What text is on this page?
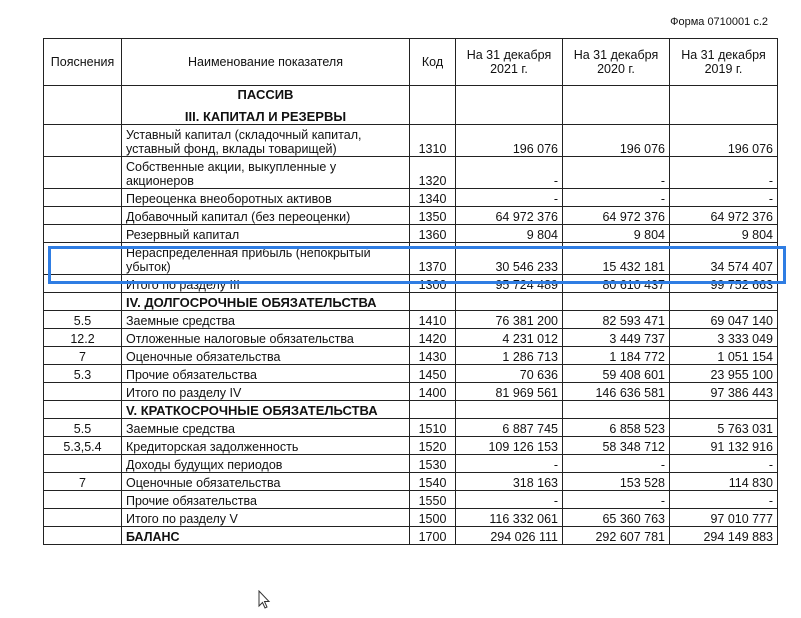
Форма 0710001 с.2
Пояснения	Наименование показателя	Код	На 31 декабря 2021 г.	На 31 декабря 2020 г.	На 31 декабря 2019 г.

	ПАССИВ
III. КАПИТАЛ И РЕЗЕРВЫ				

	Уставный капитал (складочный капитал, уставный фонд, вклады товарищей)	1310	196 076	196 076	196 076
	Собственные акции, выкупленные у акционеров	1320	-	-	-
	Переоценка внеоборотных активов	1340	-	-	-
	Добавочный капитал (без переоценки)	1350	64 972 376	64 972 376	64 972 376
	Резервный капитал	1360	9 804	9 804	9 804
	Нераспределенная прибыль (непокрытый убыток)	1370	30 546 233	15 432 181	34 574 407
	Итого по разделу III	1300	95 724 489	80 610 437	99 752 663
	IV. ДОЛГОСРОЧНЫЕ ОБЯЗАТЕЛЬСТВА				
5.5	Заемные средства	1410	76 381 200	82 593 471	69 047 140
12.2	Отложенные налоговые обязательства	1420	4 231 012	3 449 737	3 333 049
7	Оценочные обязательства	1430	1 286 713	1 184 772	1 051 154
5.3	Прочие обязательства	1450	70 636	59 408 601	23 955 100
	Итого по разделу IV	1400	81 969 561	146 636 581	97 386 443
	V. КРАТКОСРОЧНЫЕ ОБЯЗАТЕЛЬСТВА				
5.5	Заемные средства	1510	6 887 745	6 858 523	5 763 031
5.3,5.4	Кредиторская задолженность	1520	109 126 153	58 348 712	91 132 916
	Доходы будущих периодов	1530	-	-	-
7	Оценочные обязательства	1540	318 163	153 528	114 830
	Прочие обязательства	1550	-	-	-
	Итого по разделу V	1500	116 332 061	65 360 763	97 010 777
	БАЛАНС	1700	294 026 111	292 607 781	294 149 883
